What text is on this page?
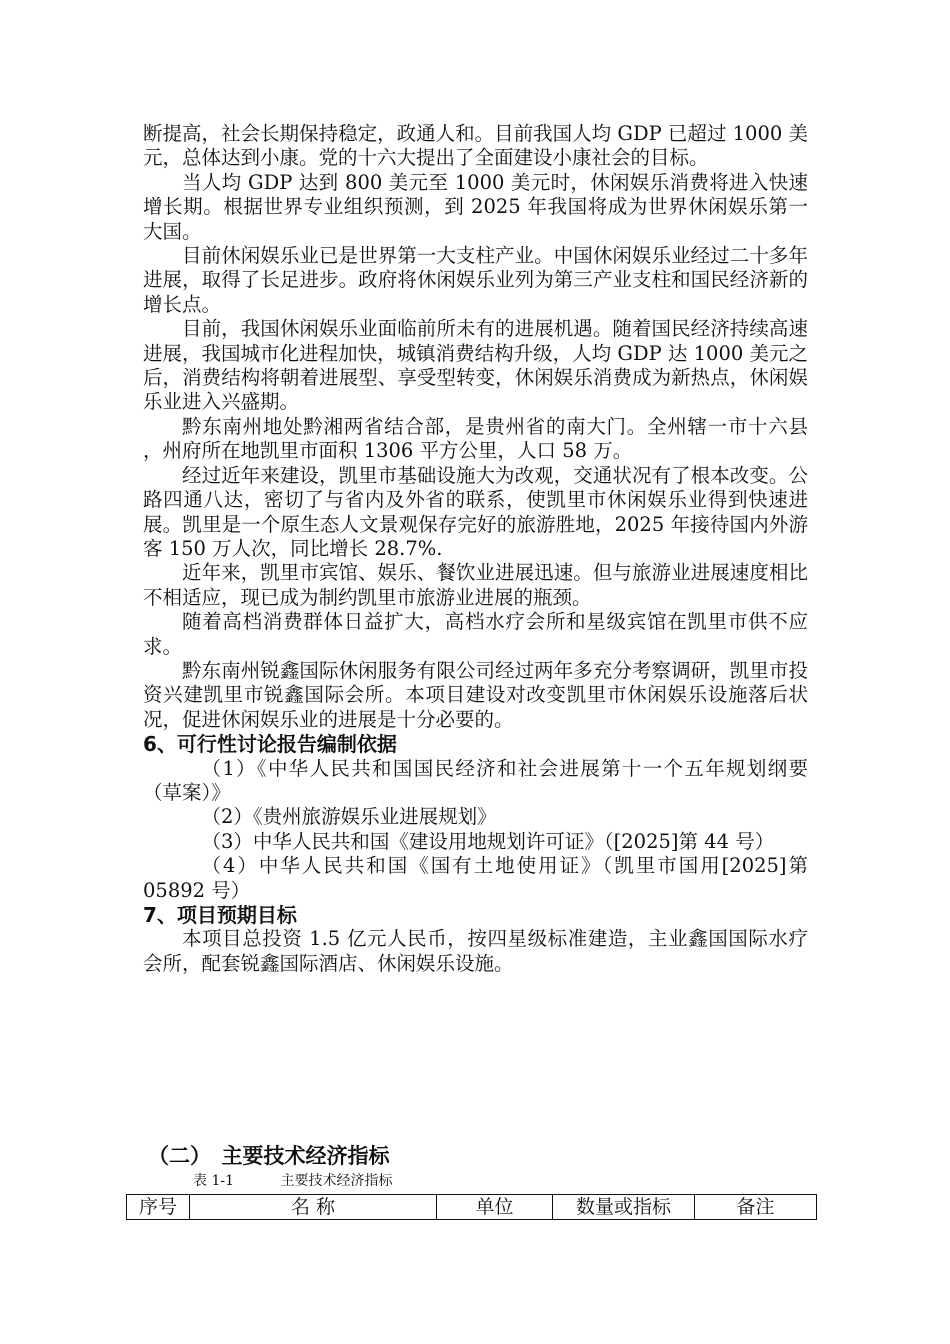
断提高，社会长期保持稳定，政通人和。目前我国人均 GDP 已超过 1000 美元，总体达到小康。党的十六大提出了全面建设小康社会的目标。

当人均 GDP 达到 800 美元至 1000 美元时，休闲娱乐消费将进入快速增长期。根据世界专业组织预测，到 2025 年我国将成为世界休闲娱乐第一大国。

目前休闲娱乐业已是世界第一大支柱产业。中国休闲娱乐业经过二十多年进展，取得了长足进步。政府将休闲娱乐业列为第三产业支柱和国民经济新的增长点。

目前，我国休闲娱乐业面临前所未有的进展机遇。随着国民经济持续高速进展，我国城市化进程加快，城镇消费结构升级，人均 GDP 达 1000 美元之后，消费结构将朝着进展型、享受型转变，休闲娱乐消费成为新热点，休闲娱乐业进入兴盛期。

黔东南州地处黔湘两省结合部，是贵州省的南大门。全州辖一市十六县 ，州府所在地凯里市面积 1306 平方公里，人口 58 万。

经过近年来建设，凯里市基础设施大为改观，交通状况有了根本改变。公路四通八达，密切了与省内及外省的联系，使凯里市休闲娱乐业得到快速进展。凯里是一个原生态人文景观保存完好的旅游胜地，2025 年接待国内外游客 150 万人次，同比增长 28.7%.

近年来，凯里市宾馆、娱乐、餐饮业进展迅速。但与旅游业进展速度相比不相适应，现已成为制约凯里市旅游业进展的瓶颈。

随着高档消费群体日益扩大，高档水疗会所和星级宾馆在凯里市供不应求。

黔东南州锐鑫国际休闲服务有限公司经过两年多充分考察调研，凯里市投资兴建凯里市锐鑫国际会所。本项目建设对改变凯里市休闲娱乐设施落后状况，促进休闲娱乐业的进展是十分必要的。

6、可行性讨论报告编制依据

（1）《中华人民共和国国民经济和社会进展第十一个五年规划纲要（草案）》

（2）《贵州旅游娱乐业进展规划》

（3）中华人民共和国《建设用地规划许可证》（[2025]第 44 号）

（4）中华人民共和国《国有土地使用证》（凯里市国用[2025]第 05892 号）

7、项目预期目标

本项目总投资 1.5 亿元人民币，按四星级标准建造，主业鑫国国际水疗会所，配套锐鑫国际酒店、休闲娱乐设施。

（二）　主要技术经济指标

表 1-1	主要技术经济指标
序号	名 称	单位	数量或指标	备注
